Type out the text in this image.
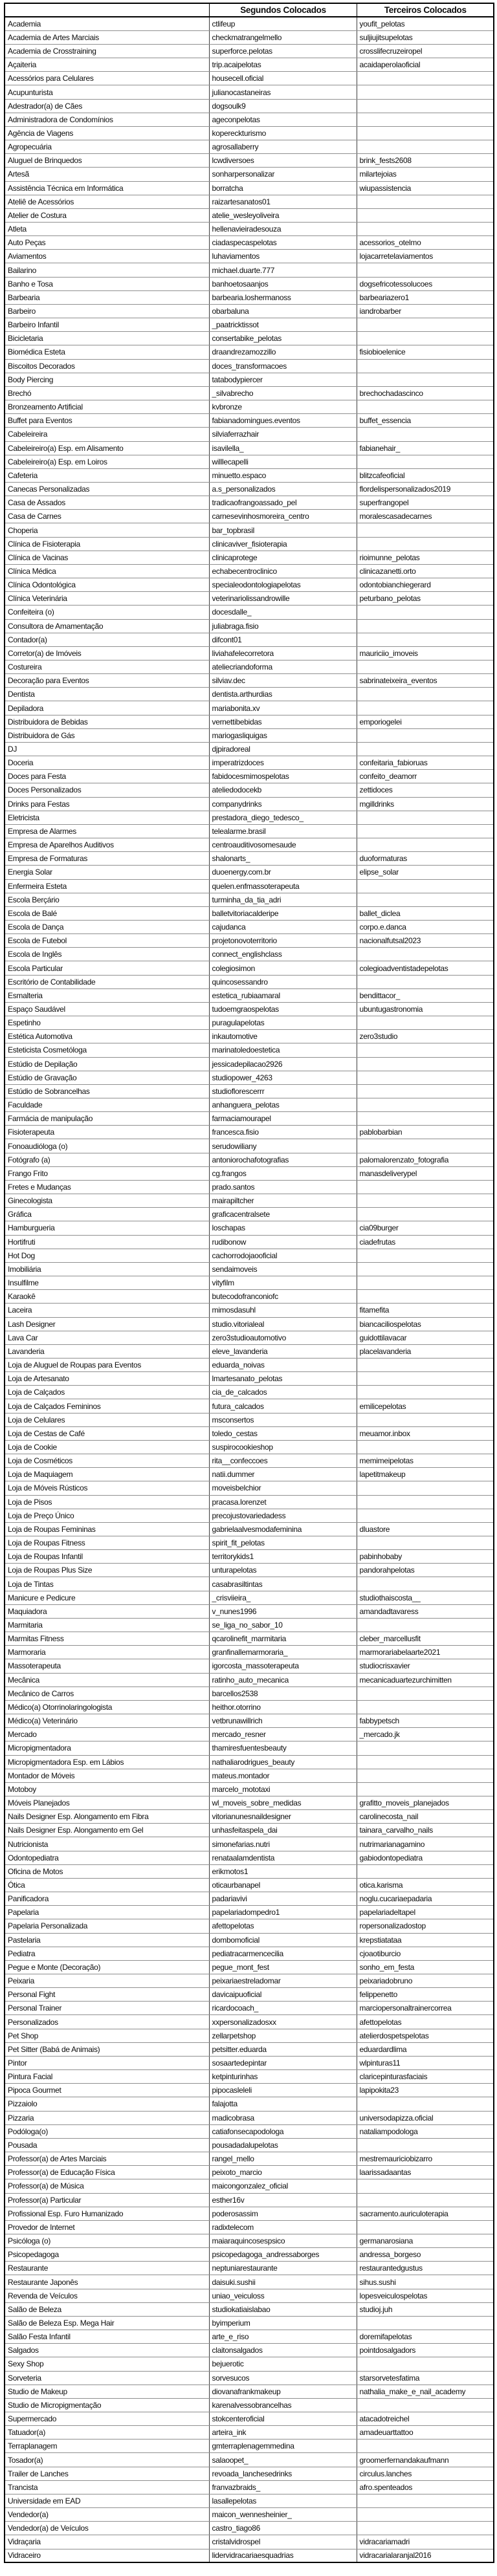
	Segundos Colocados	Terceiros Colocados
Academia	ctlifeup	youfit_pelotas
Academia de Artes Marciais	checkmatrangelmello	suljiujitsupelotas
Academia de Crosstraining	superforce.pelotas	crosslifecruzeiropel
Açaiteria	trip.acaipelotas	acaidaperolaoficial
Acessórios para Celulares	housecell.oficial	
Acupunturista	julianocastaneiras	
Adestrador(a) de Cães	dogsoulk9	
Administradora de Condomínios	ageconpelotas	
Agência de Viagens	kopereckturismo	
Agropecuária	agrosallaberry	
Aluguel de Brinquedos	lcwdiversoes	brink_fests2608
Artesã	sonharpersonalizar	milartejoias
Assistência Técnica em Informática	borratcha	wiupassistencia
Ateliê de Acessórios	raizartesanatos01	
Atelier de Costura	atelie_wesleyoliveira	
Atleta	hellenavieiradesouza	
Auto Peças	ciadaspecaspelotas	acessorios_otelmo
Aviamentos	luhaviamentos	lojacarretelaviamentos
Bailarino	michael.duarte.777	
Banho e Tosa	banhoetosaanjos	dogsefricotessolucoes
Barbearia	barbearia.loshermanoss	barbeariazero1
Barbeiro	obarbaluna	iandrobarber
Barbeiro Infantil	_paatricktissot	
Bicicletaria	consertabike_pelotas	
Biomédica Esteta	draandrezamozzillo	fisiobioelenice
Biscoitos Decorados	doces_transformacoes	
Body Piercing	tatabodypiercer	
Brechó	_silvabrecho	brechochadascinco
Bronzeamento Artificial	kvbronze	
Buffet para Eventos	fabianadomingues.eventos	buffet_essencia
Cabeleireira	silviaferrazhair	
Cabeleireiro(a) Esp. em Alisamento	isavilella_	fabianehair_
Cabeleireiro(a) Esp. em Loiros	willlecapelli	
Cafeteria	minuetto.espaco	blitzcafeoficial
Canecas Personalizadas	a.s_personalizados	flordelispersonalizados2019
Casa de Assados	tradicaofrangoassado_pel	superfrangopel
Casa de Carnes	carnesevinhosmoreira_centro	moralescasadecarnes
Choperia	bar_topbrasil	
Clínica de Fisioterapia	clinicaviver_fisioterapia	
Clínica de Vacinas	clinicaprotege	rioimunne_pelotas
Clínica Médica	echabecentroclinico	clinicazanetti.orto
Clínica Odontológica	specialeodontologiapelotas	odontobianchiegerard
Clínica Veterinária	veterinariolissandrowille	peturbano_pelotas
Confeiteira (o)	docesdalle_	
Consultora de Amamentação	juliabraga.fisio	
Contador(a)	difcont01	
Corretor(a) de Imóveis	liviahafelecorretora	mauriciio_imoveis
Costureira	ateliecriandoforma	
Decoração para Eventos	silviav.dec	sabrinateixeira_eventos
Dentista	dentista.arthurdias	
Depiladora	mariabonita.xv	
Distribuidora de Bebidas	vernettibebidas	emporiogelei
Distribuidora de Gás	mariogasliquigas	
DJ	djpiradoreal	
Doceria	imperatrizdoces	confeitaria_fabioruas
Doces para Festa	fabidocesmimospelotas	confeito_deamorr
Doces Personalizados	ateliedodocekb	zettidoces
Drinks para Festas	companydrinks	mgilldrinks
Eletricista	prestadora_diego_tedesco_	
Empresa de Alarmes	telealarme.brasil	
Empresa de Aparelhos Auditivos	centroauditivosomesaude	
Empresa de Formaturas	shalonarts_	duoformaturas
Energia Solar	duoenergy.com.br	elipse_solar
Enfermeira Esteta	quelen.enfmassoterapeuta	
Escola Berçário	turminha_da_tia_adri	
Escola de Balé	balletvitoriacalderipe	ballet_diclea
Escola de Dança	cajudanca	corpo.e.danca
Escola de Futebol	projetonovoterritorio	nacionalfutsal2023
Escola de Inglês	connect_englishclass	
Escola Particular	colegiosimon	colegioadventistadepelotas
Escritório de Contabilidade	quincosessandro	
Esmalteria	estetica_rubiaamaral	bendittacor_
Espaço Saudável	tudoemgraospelotas	ubuntugastronomia
Espetinho	puragulapelotas	
Estética Automotiva	inkautomotive	zero3studio
Esteticista Cosmetóloga	marinatoledoestetica	
Estúdio de Depilação	jessicadepilacao2926	
Estúdio de Gravação	studiopower_4263	
Estúdio de Sobrancelhas	studioflorescerrr	
Faculdade	anhanguera_pelotas	
Farmácia de manipulação	farmaciamourapel	
Fisioterapeuta	francesca.fisio	pablobarbian
Fonoaudióloga (o)	serudowiliany	
Fotógrafo (a)	antoniorochafotografias	palomalorenzato_fotografia
Frango Frito	cg.frangos	manasdeliverypel
Fretes e Mudanças	prado.santos	
Ginecologista	mairapiltcher	
Gráfica	graficacentralsete	
Hamburgueria	loschapas	cia09burger
Hortifruti	rudibonow	ciadefrutas
Hot Dog	cachorrodojaooficial	
Imobiliária	sendaimoveis	
Insulfilme	vityfilm	
Karaokê	butecodofranconiofc	
Laceira	mimosdasuhl	fitamefita
Lash Designer	studio.vitorialeal	biancaciliospelotas
Lava Car	zero3studioautomotivo	guidottilavacar
Lavanderia	eleve_lavanderia	placelavanderia
Loja de Aluguel de Roupas para Eventos	eduarda_noivas	
Loja de Artesanato	lmartesanato_pelotas	
Loja de Calçados	cia_de_calcados	
Loja de Calçados Femininos	futura_calcados	emilicepelotas
Loja de Celulares	msconsertos	
Loja de Cestas de Café	toledo_cestas	meuamor.inbox
Loja de Cookie	suspirocookieshop	
Loja de Cosméticos	rita__confeccoes	memimeipelotas
Loja de Maquiagem	natii.dummer	lapetitmakeup
Loja de Móveis Rústicos	moveisbelchior	
Loja de Pisos	pracasa.lorenzet	
Loja de Preço Único	precojustovariedadess	
Loja de Roupas Femininas	gabrielaalvesmodafeminina	dluastore
Loja de Roupas Fitness	spirit_fit_pelotas	
Loja de Roupas Infantil	territorykids1	pabinhobaby
Loja de Roupas Plus Size	unturapelotas	pandorahpelotas
Loja de Tintas	casabrasiltintas	
Manicure e Pedicure	_crisviieira_	studiothaiscosta__
Maquiadora	v_nunes1996	amandadtavaress
Marmitaria	se_liga_no_sabor_10	
Marmitas Fitness	qcarolinefit_marmitaria	cleber_marcellusfit
Marmoraria	granfinallemarmoraria_	marmorariabelaarte2021
Massoterapeuta	igorcosta_massoterapeuta	studiocrisxavier
Mecânica	ratinho_auto_mecanica	mecanicaduartezurchimitten
Mecânico de Carros	barcellos2538	
Médico(a) Otorrinolaringologista	heithor.otorrino	
Médico(a) Veterinário	vetbrunawillrich	fabbypetsch
Mercado	mercado_resner	_mercado.jk
Micropigmentadora	thamiresfuentesbeauty	
Micropigmentadora Esp. em Lábios	nathaliarodrigues_beauty	
Montador de Móveis	mateus.montador	
Motoboy	marcelo_mototaxi	
Móveis Planejados	wl_moveis_sobre_medidas	grafitto_moveis_planejados
Nails Designer Esp. Alongamento em Fibra	vitorianunesnaildesigner	carolinecosta_nail
Nails Designer Esp. Alongamento em Gel	unhasfeitaspela_dai	tainara_carvalho_nails
Nutricionista	simonefarias.nutri	nutrimarianagamino
Odontopediatra	renataalamdentista	gabiodontopediatra
Oficina de Motos	erikmotos1	
Ótica	oticaurbanapel	otica.karisma
Panificadora	padariavivi	noglu.cucariaepadaria
Papelaria	papelariadompedro1	papelariadeltapel
Papelaria Personalizada	afettopelotas	ropersonalizadostop
Pastelaria	dombomoficial	krepstiatataa
Pediatra	pediatracarmencecilia	cjoaotiburcio
Pegue e Monte (Decoração)	pegue_mont_fest	sonho_em_festa
Peixaria	peixariaestreladomar	peixariadobruno
Personal Fight	davicaipuoficial	felippenetto
Personal Trainer	ricardocoach_	marciopersonaltrainercorrea
Personalizados	xxpersonalizadosxx	afettopelotas
Pet Shop	zellarpetshop	atelierdospetspelotas
Pet Sitter (Babá de Animais)	petsitter.eduarda	eduardardlima
Pintor	sosaartedepintar	wlpinturas11
Pintura Facial	ketpinturinhas	claricepinturasfaciais
Pipoca Gourmet	pipocasleleli	lapipokita23
Pizzaiolo	falajotta	
Pizzaria	madicobrasa	universodapizza.oficial
Podóloga(o)	catiafonsecapodologa	nataliampodologa
Pousada	pousadadalupelotas	
Professor(a) de Artes Marciais	rangel_mello	mestremauriciobizarro
Professor(a) de Educação Física	peixoto_marcio	laarissadaantas
Professor(a) de Música	maicongonzalez_oficial	
Professor(a) Particular	esther16v	
Profissional Esp. Furo Humanizado	poderosassim	sacramento.auriculoterapia
Provedor de Internet	radixtelecom	
Psicóloga (o)	maiaraquincosespsico	germanarosiana
Psicopedagoga	psicopedagoga_andressaborges	andressa_borgeso
Restaurante	neptuniarestaurante	restaurantedgustus
Restaurante Japonês	daisuki.sushii	sihus.sushi
Revenda de Veículos	uniao_veiculoss	lopesveiculospelotas
Salão de Beleza	studiokatiaislabao	studioj.juh
Salão de Beleza Esp. Mega Hair	byimperium	
Salão Festa Infantil	arte_e_riso	doremifapelotas
Salgados	claitonsalgados	pointdosalgadors
Sexy Shop	bejuerotic	
Sorveteria	sorvesucos	starsorvetesfatima
Studio de Makeup	diovanafrankmakeup	nathalia_make_e_nail_academy
Studio de Micropigmentação	karenalvessobrancelhas	
Supermercado	stokcenteroficial	atacadotreichel
Tatuador(a)	arteira_ink	amadeuarttattoo
Terraplanagem	gmterraplenagemmedina	
Tosador(a)	salaoopet_	groomerfernandakaufmann
Trailer de Lanches	revoada_lanchesedrinks	circulus.lanches
Trancista	franvazbraids_	afro.spenteados
Universidade em EAD	lasallepelotas	
Vendedor(a)	maicon_wennesheinier_	
Vendedor(a) de Veículos	castro_tiago86	
Vidraçaria	cristalvidrospel	vidracariamadri
Vidraceiro	lidervidracariaesquadrias	vidracarialaranjal2016
